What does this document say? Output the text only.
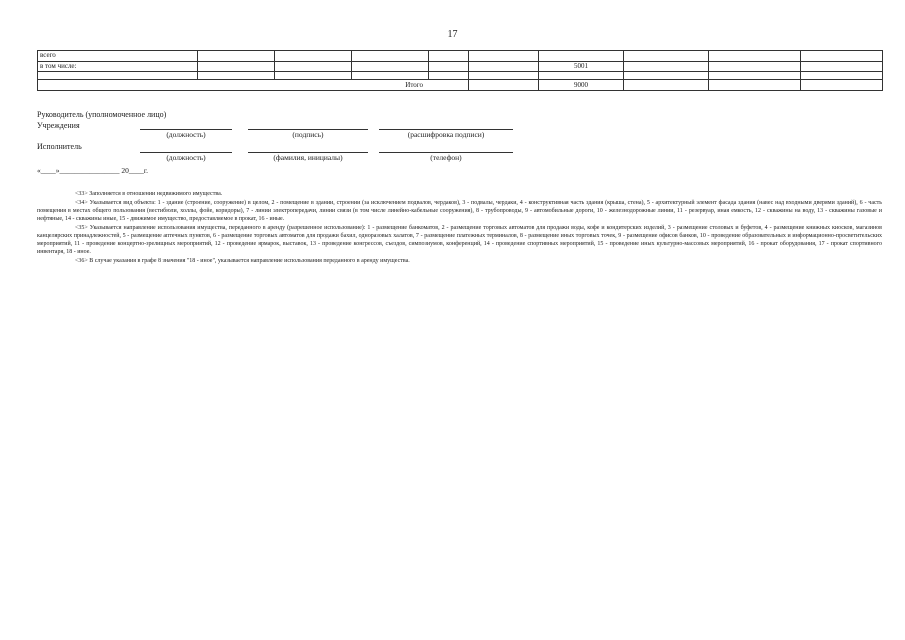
17
всего									
в том числе:						5001			

Итого						9000			
Руководитель (уполномоченное лицо)
Учреждения
(должность)	(подпись)	(расшифровка подписи)
Исполнитель
(должность)	(фамилия, инициалы)	(телефон)
«____»________________ 20____г.

<33> Заполняется в отношении недвижимого имущества.

<34> Указывается вид объекта: 1 - здание (строение, сооружение) в целом, 2 - помещение в здании, строении (за исключением подвалов, чердаков), 3 - подвалы, чердаки, 4 - конструктивная часть здания (крыша, стена), 5 - архитектурный элемент фасада здания (навес над входными дверями зданий), 6 - часть помещения в местах общего пользования (вестибюли, холлы, фойе, коридоры), 7 - линии электропередачи, линии связи (в том числе линейно-кабельные сооружения), 8 - трубопроводы, 9 - автомобильные дороги, 10 - железнодорожные линии, 11 - резервуар, иная емкость, 12 - скважины на воду, 13 - скважины газовые и нефтяные, 14 - скважины иные, 15 - движимое имущество, предоставляемое в прокат, 16 - иные.

<35> Указывается направление использования имущества, переданного в аренду (разрешенное использование): 1 - размещение банкоматов, 2 - размещение торговых автоматов для продажи воды, кофе и кондитерских изделий, 3 - размещение столовых и буфетов, 4 - размещение книжных киосков, магазинов канцелярских принадлежностей, 5 - размещение аптечных пунктов, 6 - размещение торговых автоматов для продажи бахил, одноразовых халатов, 7 - размещение платежных терминалов, 8 - размещение иных торговых точек, 9 - размещение офисов банков, 10 - проведение образовательных и информационно-просветительских мероприятий, 11 - проведение концертно-зрелищных мероприятий, 12 - проведение ярмарок, выставок, 13 - проведение конгрессов, съездов, симпозиумов, конференций, 14 - проведение спортивных мероприятий, 15 - проведение иных культурно-массовых мероприятий, 16 - прокат оборудования, 17 - прокат спортивного инвентаря, 18 - иное.

<36> В случае указания в графе 8 значения "18 - иное", указывается направление использования переданного в аренду имущества.
